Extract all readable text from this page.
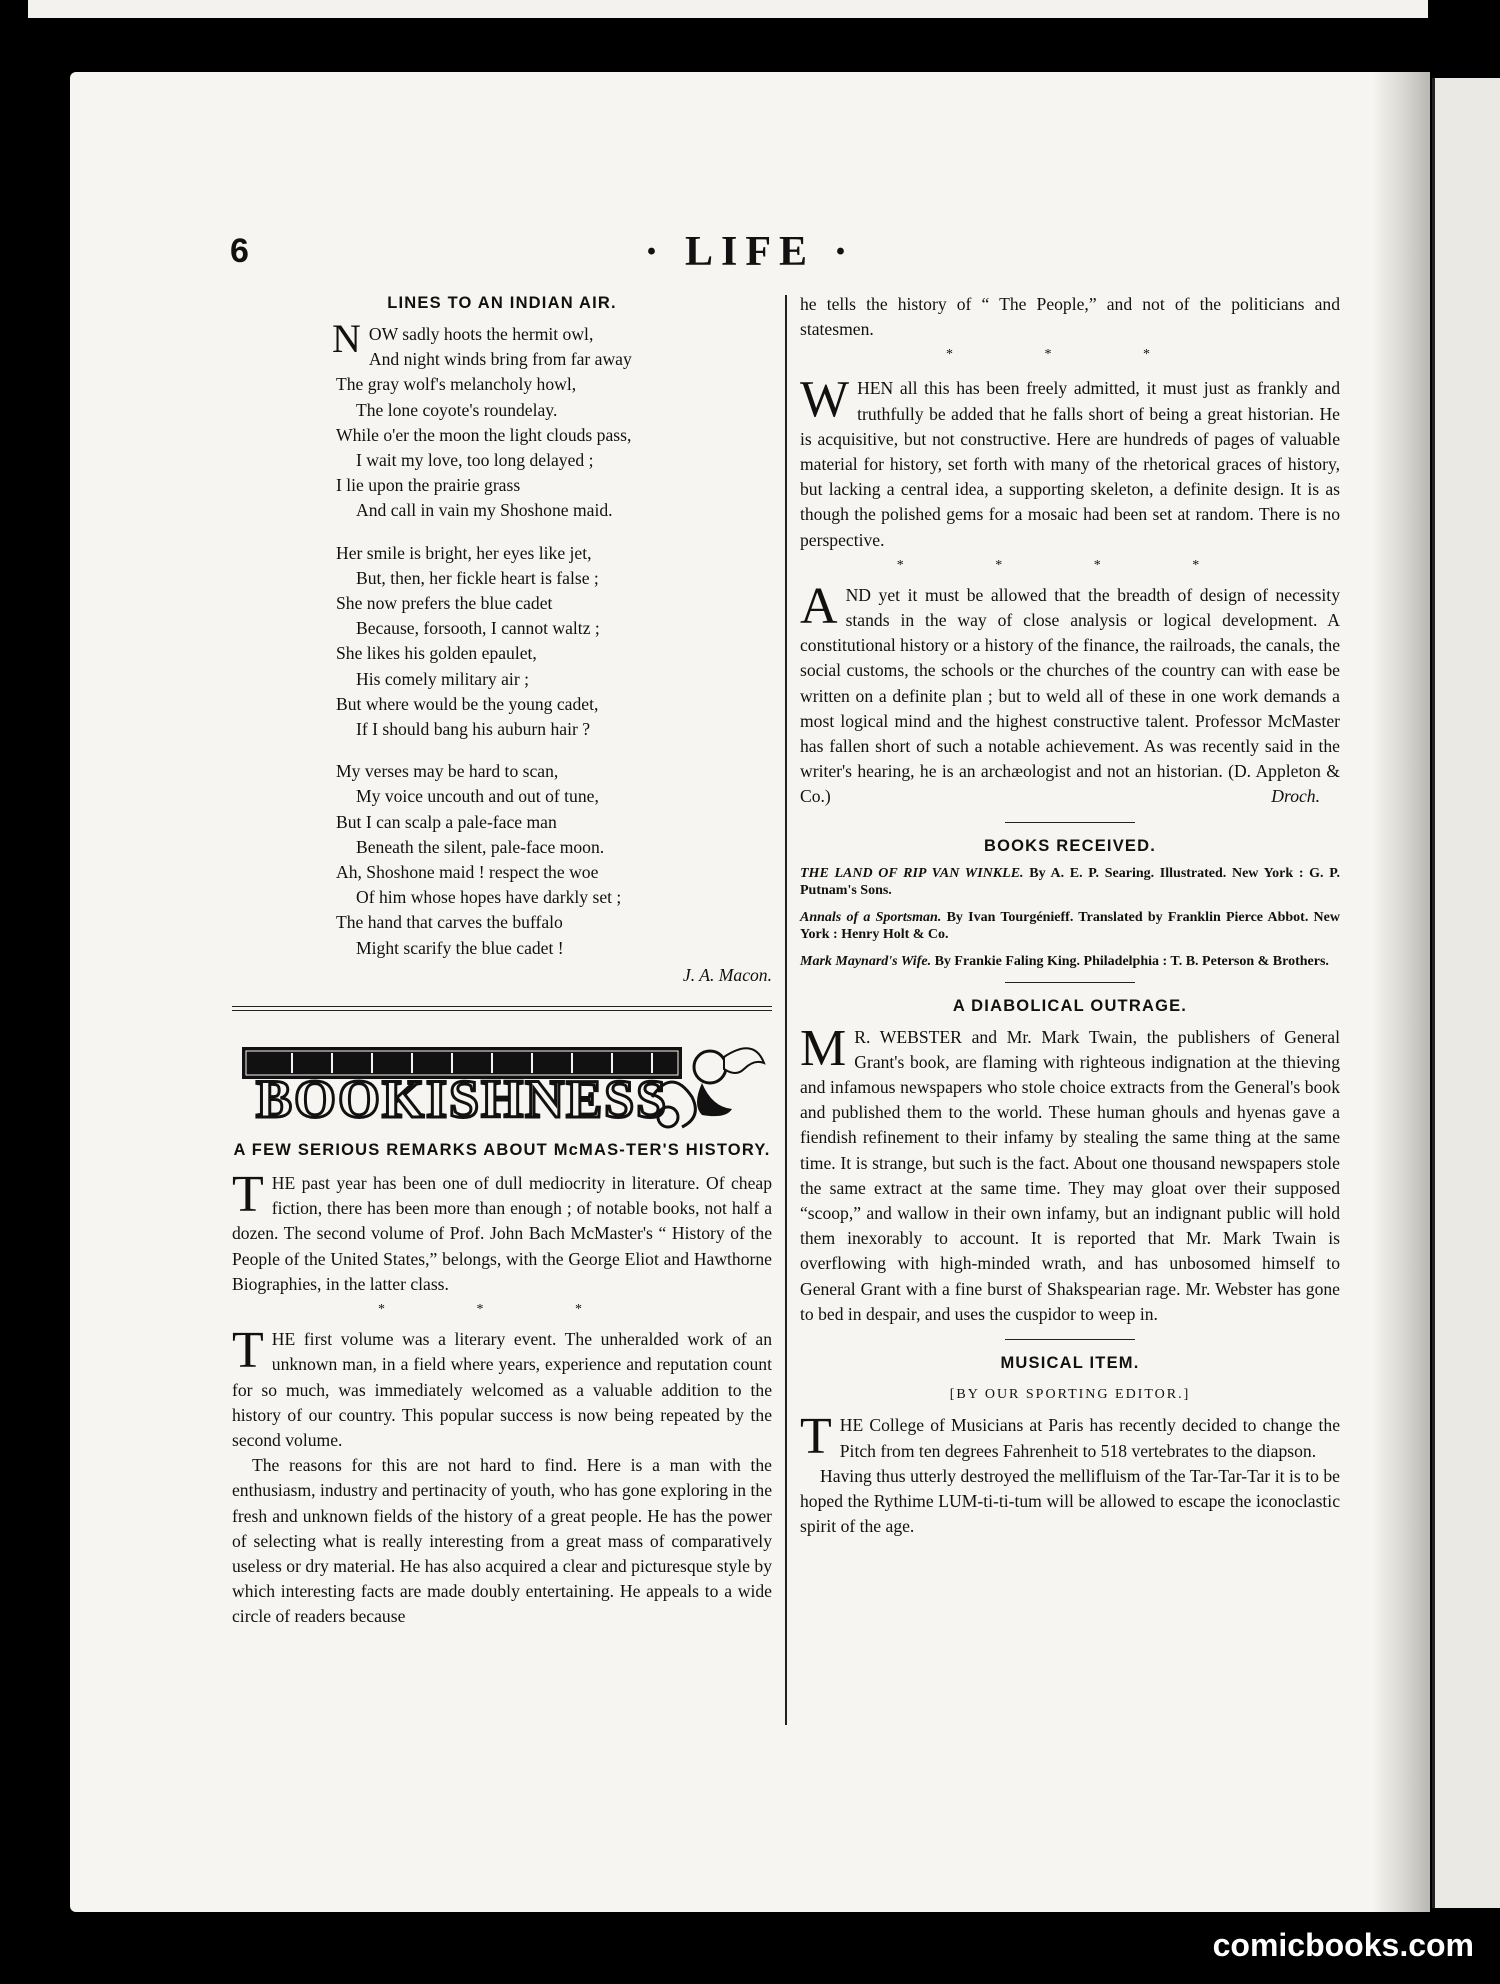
6	· LIFE ·
LINES TO AN INDIAN AIR.
NOW sadly hoots the hermit owl,
And night winds bring from far away
The gray wolf's melancholy howl,
The lone coyote's roundelay.
While o'er the moon the light clouds pass,
I wait my love, too long delayed ;
I lie upon the prairie grass
And call in vain my Shoshone maid.
Her smile is bright, her eyes like jet,
But, then, her fickle heart is false ;
She now prefers the blue cadet
Because, forsooth, I cannot waltz ;
She likes his golden epaulet,
His comely military air ;
But where would be the young cadet,
If I should bang his auburn hair ?
My verses may be hard to scan,
My voice uncouth and out of tune,
But I can scalp a pale-face man
Beneath the silent, pale-face moon.
Ah, Shoshone maid ! respect the woe
Of him whose hopes have darkly set ;
The hand that carves the buffalo
Might scarify the blue cadet !

J. A. Macon.

BOOKISHNESS
A FEW SERIOUS REMARKS ABOUT McMAS-TER'S HISTORY.

THE past year has been one of dull mediocrity in literature. Of cheap fiction, there has been more than enough ; of notable books, not half a dozen. The second volume of Prof. John Bach McMaster's “ History of the People of the United States,” belongs, with the George Eliot and Hawthorne Biographies, in the latter class.

* * *

THE first volume was a literary event. The unheralded work of an unknown man, in a field where years, experience and reputation count for so much, was immediately welcomed as a valuable addition to the history of our country. This popular success is now being repeated by the second volume.

The reasons for this are not hard to find. Here is a man with the enthusiasm, industry and pertinacity of youth, who has gone exploring in the fresh and unknown fields of the history of a great people. He has the power of selecting what is really interesting from a great mass of comparatively useless or dry material. He has also acquired a clear and picturesque style by which interesting facts are made doubly entertaining. He appeals to a wide circle of readers because

he tells the history of “ The People,” and not of the politicians and statesmen.

* * *

WHEN all this has been freely admitted, it must just as frankly and truthfully be added that he falls short of being a great historian. He is acquisitive, but not constructive. Here are hundreds of pages of valuable material for history, set forth with many of the rhetorical graces of history, but lacking a central idea, a supporting skeleton, a definite design. It is as though the polished gems for a mosaic had been set at random. There is no perspective.

* * * *

AND yet it must be allowed that the breadth of design of necessity stands in the way of close analysis or logical development. A constitutional history or a history of the finance, the railroads, the canals, the social customs, the schools or the churches of the country can with ease be written on a definite plan ; but to weld all of these in one work demands a most logical mind and the highest constructive talent. Professor McMaster has fallen short of such a notable achievement. As was recently said in the writer's hearing, he is an archæologist and not an historian. (D. Appleton & Co.)	Droch.

BOOKS RECEIVED.

THE LAND OF RIP VAN WINKLE. By A. E. P. Searing. Illustrated. New York : G. P. Putnam's Sons.

Annals of a Sportsman. By Ivan Tourgénieff. Translated by Franklin Pierce Abbot. New York : Henry Holt & Co.

Mark Maynard's Wife. By Frankie Faling King. Philadelphia : T. B. Peterson & Brothers.

A DIABOLICAL OUTRAGE.

M R. WEBSTER and Mr. Mark Twain, the publishers of General Grant's book, are flaming with righteous indignation at the thieving and infamous newspapers who stole choice extracts from the General's book and published them to the world. These human ghouls and hyenas gave a fiendish refinement to their infamy by stealing the same thing at the same time. It is strange, but such is the fact. About one thousand newspapers stole the same extract at the same time. They may gloat over their supposed “scoop,” and wallow in their own infamy, but an indignant public will hold them inexorably to account. It is reported that Mr. Mark Twain is overflowing with high-minded wrath, and has unbosomed himself to General Grant with a fine burst of Shakspearian rage. Mr. Webster has gone to bed in despair, and uses the cuspidor to weep in.

MUSICAL ITEM.
[BY OUR SPORTING EDITOR.]

THE College of Musicians at Paris has recently decided to change the Pitch from ten degrees Fahrenheit to 518 vertebrates to the diapson.

Having thus utterly destroyed the mellifluism of the Tar-Tar-Tar it is to be hoped the Rythime LUM-ti-ti-tum will be allowed to escape the iconoclastic spirit of the age.

comicbooks.com
